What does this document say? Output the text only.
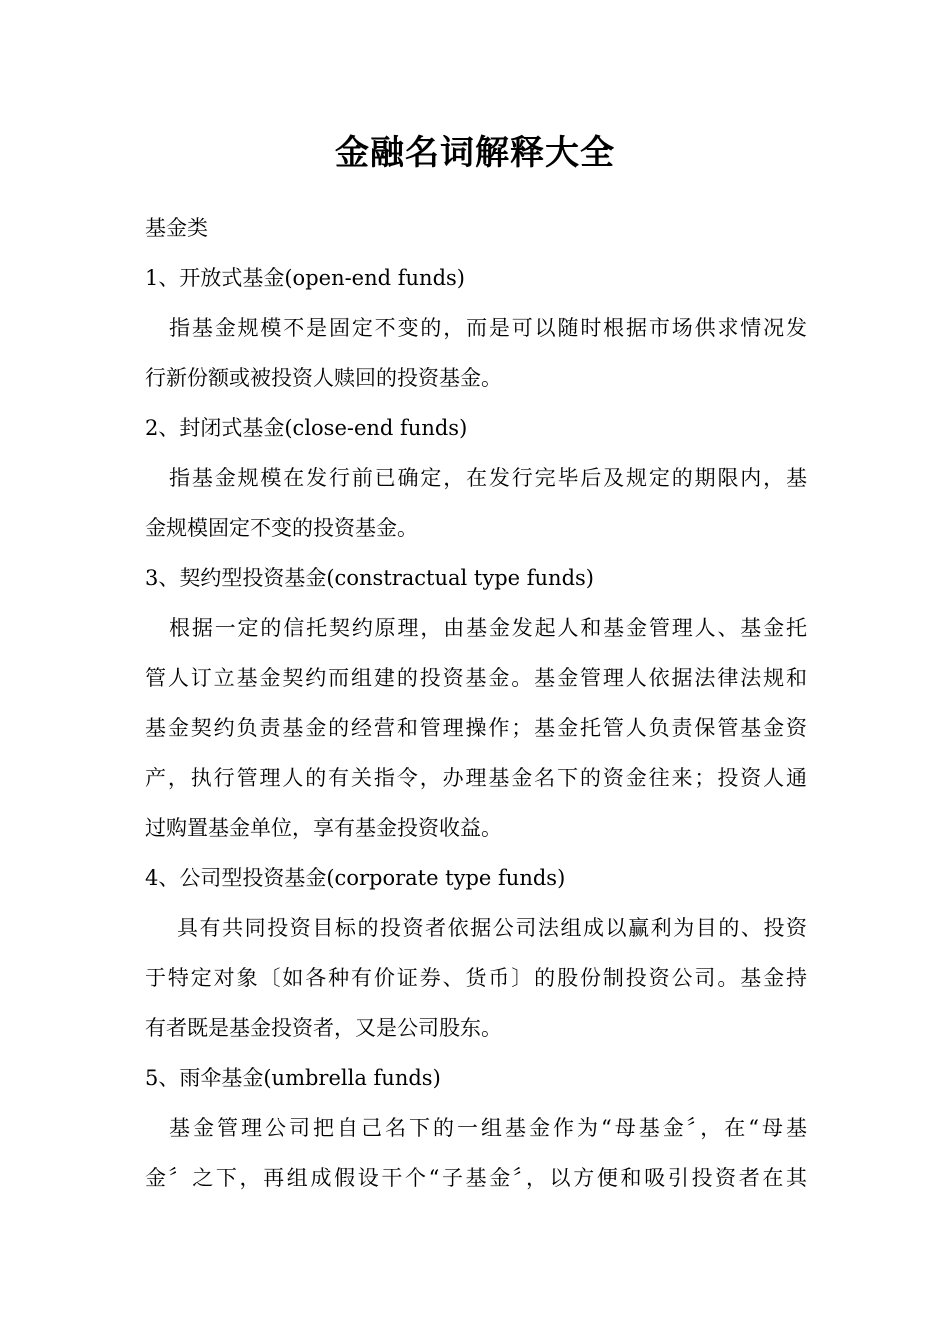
金融名词解释大全
基金类
1、开放式基金(open-end funds)
指基金规模不是固定不变的，而是可以随时根据市场供求情况发
行新份额或被投资人赎回的投资基金。
2、封闭式基金(close-end funds)
指基金规模在发行前已确定，在发行完毕后及规定的期限内，基
金规模固定不变的投资基金。
3、契约型投资基金(constractual type funds)
根据一定的信托契约原理，由基金发起人和基金管理人、基金托
管人订立基金契约而组建的投资基金。基金管理人依据法律法规和
基金契约负责基金的经营和管理操作；基金托管人负责保管基金资
产，执行管理人的有关指令，办理基金名下的资金往来；投资人通
过购置基金单位，享有基金投资收益。
4、公司型投资基金(corporate type funds)
具有共同投资目标的投资者依据公司法组成以赢利为目的、投资
于特定对象〔如各种有价证券、货币〕的股份制投资公司。基金持
有者既是基金投资者，又是公司股东。
5、雨伞基金(umbrella funds)
基金管理公司把自己名下的一组基金作为“母基金〞，在“母基
金〞之下，再组成假设干个“子基金〞，以方便和吸引投资者在其
